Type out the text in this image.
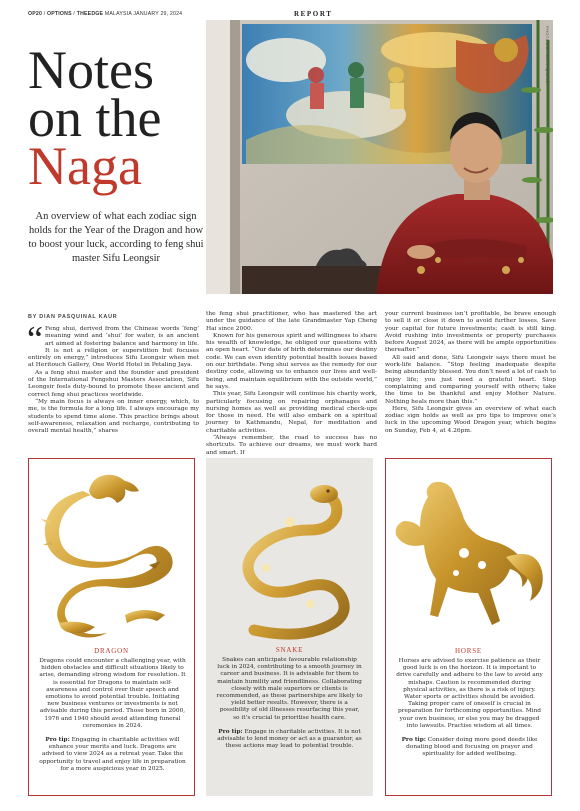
OP20 / OPTIONS / THEEDGE MALAYSIA JANUARY 29, 2024	REPORT
PHOTOS BY SHAFIQ ZAIDI
Notes
on the
Naga
An overview of what each zodiac sign holds for the Year of the Dragon and how to boost your luck, according to feng shui master Sifu Leongsir
BY DIAN PASQUINAL KAUR
“ Feng shui, derived from the Chinese words ‘feng’ meaning wind and ‘shui’ for water, is an ancient art aimed at fostering balance and harmony in life. It is not a religion or superstition but focuses entirely on energy,” introduces Sifu Leongsir when met at Heritouch Gallery, One World Hotel in Petaling Jaya.

As a feng shui master and the founder and president of the International Fengshui Masters Association, Sifu Leongsir feels duty-bound to promote these ancient and correct feng shui practices worldwide.

“My main focus is always on inner energy, which, to me, is the formula for a long life. I always encourage my students to spend time alone. This practice brings about self-awareness, relaxation and recharge, contributing to overall mental health,” shares

the feng shui practitioner, who has mastered the art under the guidance of the late Grandmaster Yap Cheng Hai since 2000.

Known for his generous spirit and willingness to share his wealth of knowledge, he obliged our questions with an open heart. “Our date of birth determines our destiny code. We can even identify potential health issues based on our birthdate. Feng shui serves as the remedy for our destiny code, allowing us to enhance our lives and well-being, and maintain equilibrium with the outside world,” he says.

This year, Sifu Leongsir will continue his charity work, particularly focusing on repairing orphanages and nursing homes as well as providing medical check-ups for those in need. He will also embark on a spiritual journey to Kathmandu, Nepal, for meditation and charitable activities.

“Always remember, the road to success has no shortcuts. To achieve our dreams, we must work hard and smart. If

your current business isn’t profitable, be brave enough to sell it or close it down to avoid further losses. Save your capital for future investments; cash is still king. Avoid rushing into investments or property purchases before August 2024, as there will be ample opportunities thereafter.”

All said and done, Sifu Leongsir says there must be work-life balance. “Stop feeling inadequate despite being abundantly blessed. You don’t need a lot of cash to enjoy life; you just need a grateful heart. Stop complaining and comparing yourself with others; take the time to be thankful and enjoy Mother Nature. Nothing heals more than this.”

Here, Sifu Leongsir gives an overview of what each zodiac sign holds as well as pro tips to improve one’s luck in the upcoming Wood Dragon year, which begins on Sunday, Feb 4, at 4.26pm.

DRAGON

Dragons could encounter a challenging year, with hidden obstacles and difficult situations likely to arise, demanding strong wisdom for resolution. It is essential for Dragons to maintain self-awareness and control over their speech and emotions to avoid potential trouble. Initiating new business ventures or investments is not advisable during this period. Those born in 2000, 1976 and 1940 should avoid attending funeral ceremonies in 2024.

Pro tip: Engaging in charitable activities will enhance your merits and luck. Dragons are advised to view 2024 as a retreat year. Take the opportunity to travel and enjoy life in preparation for a more auspicious year in 2025.

SNAKE

Snakes can anticipate favourable relationship luck in 2024, contributing to a smooth journey in career and business. It is advisable for them to maintain humility and friendliness. Collaborating closely with male superiors or clients is recommended, as these partnerships are likely to yield better results. However, there is a possibility of old illnesses resurfacing this year, so it’s crucial to prioritise health care.

Pro tip: Engage in charitable activities. It is not advisable to lend money or act as a guarantor, as these actions may lead to potential trouble.

HORSE

Horses are advised to exercise patience as their good luck is on the horizon. It is important to drive carefully and adhere to the law to avoid any mishaps. Caution is recommended during physical activities, as there is a risk of injury. Water sports or activities should be avoided. Taking proper care of oneself is crucial in preparation for forthcoming opportunities. Mind your own business, or else you may be dragged into lawsuits. Practise wisdom at all times.

Pro tip: Consider doing more good deeds like donating blood and focusing on prayer and spirituality for added wellbeing.
